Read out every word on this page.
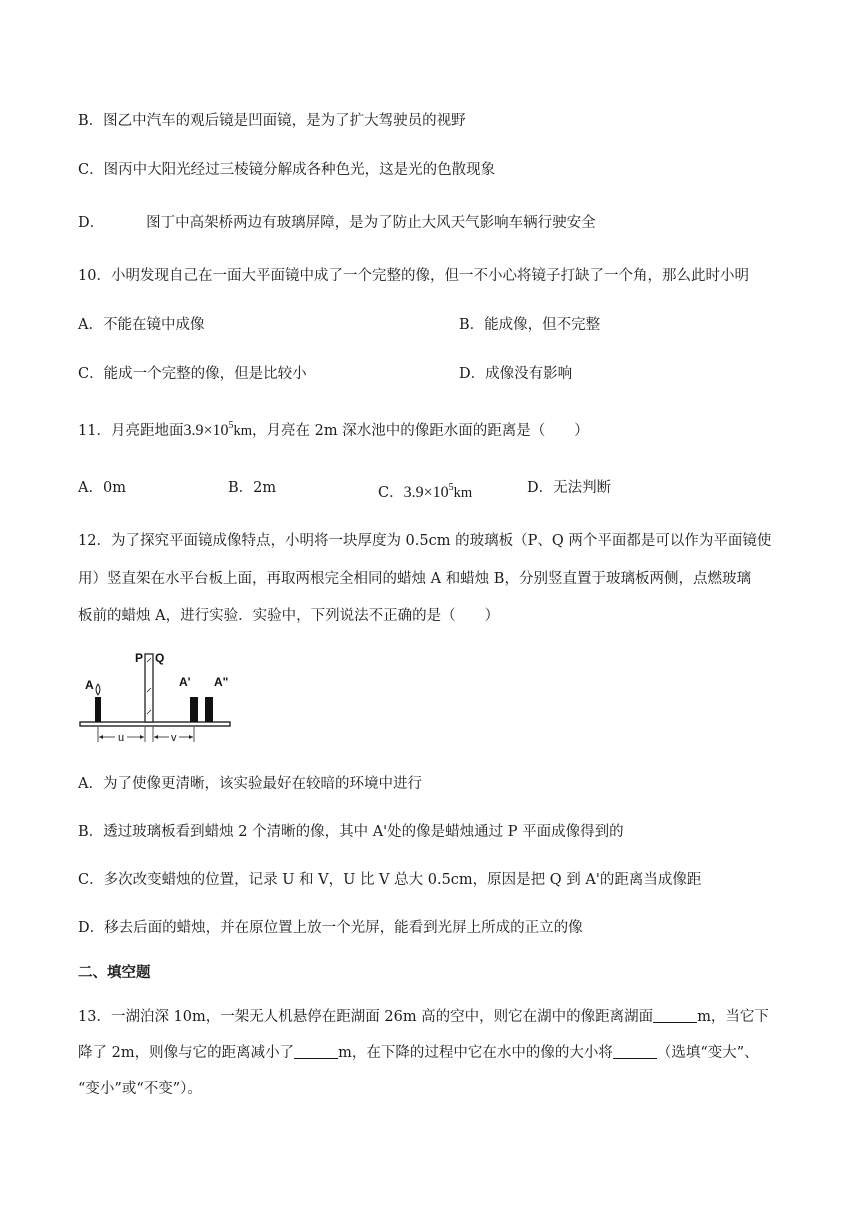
B．图乙中汽车的观后镜是凹面镜，是为了扩大驾驶员的视野
C．图丙中大阳光经过三棱镜分解成各种色光，这是光的色散现象
D．	图丁中高架桥两边有玻璃屏障，是为了防止大风天气影响车辆行驶安全
10．小明发现自己在一面大平面镜中成了一个完整的像，但一不小心将镜子打缺了一个角，那么此时小明
A．不能在镜中成像	B．能成像，但不完整
C．能成一个完整的像，但是比较小	D．成像没有影响
11．月亮距地面$3.9\times 10^5km$，月亮在 2m 深水池中的像距水面的距离是（　　）
A．0m	B．2m	C．$3.9\times 10^5km$	D．无法判断
12．为了探究平面镜成像特点，小明将一块厚度为 0.5cm 的玻璃板（P、Q 两个平面都是可以作为平面镜使
用）竖直架在水平台板上面，再取两根完全相同的蜡烛 A 和蜡烛 B，分别竖直置于玻璃板两侧，点燃玻璃
板前的蜡烛 A，进行实验．实验中，下列说法不正确的是（　　）
A
P Q
A' A"
u	v
A．为了使像更清晰，该实验最好在较暗的环境中进行
B．透过玻璃板看到蜡烛 2 个清晰的像，其中 A'处的像是蜡烛通过 P 平面成像得到的
C．多次改变蜡烛的位置，记录 U 和 V，U 比 V 总大 0.5cm，原因是把 Q 到 A'的距离当成像距
D．移去后面的蜡烛，并在原位置上放一个光屏，能看到光屏上所成的正立的像
二、填空题
13．一湖泊深 10m，一架无人机悬停在距湖面 26m 高的空中，则它在湖中的像距离湖面	m，当它下
降了 2m，则像与它的距离减小了	m，在下降的过程中它在水中的像的大小将	（选填“变大”、
“变小”或“不变”）。
